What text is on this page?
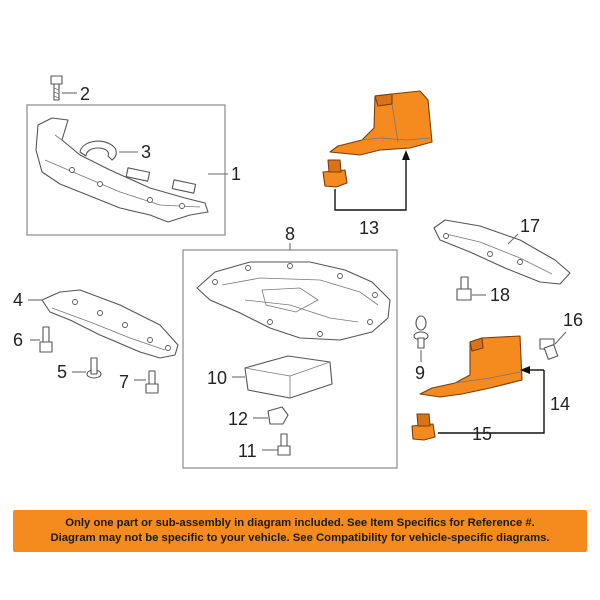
1
2
3
4
5
6
7
8
9
10
11
12
13
14
15
16
17
18
Only one part or sub-assembly in diagram included. See Item Specifics for Reference #.
Diagram may not be specific to your vehicle. See Compatibility for vehicle-specific diagrams.
